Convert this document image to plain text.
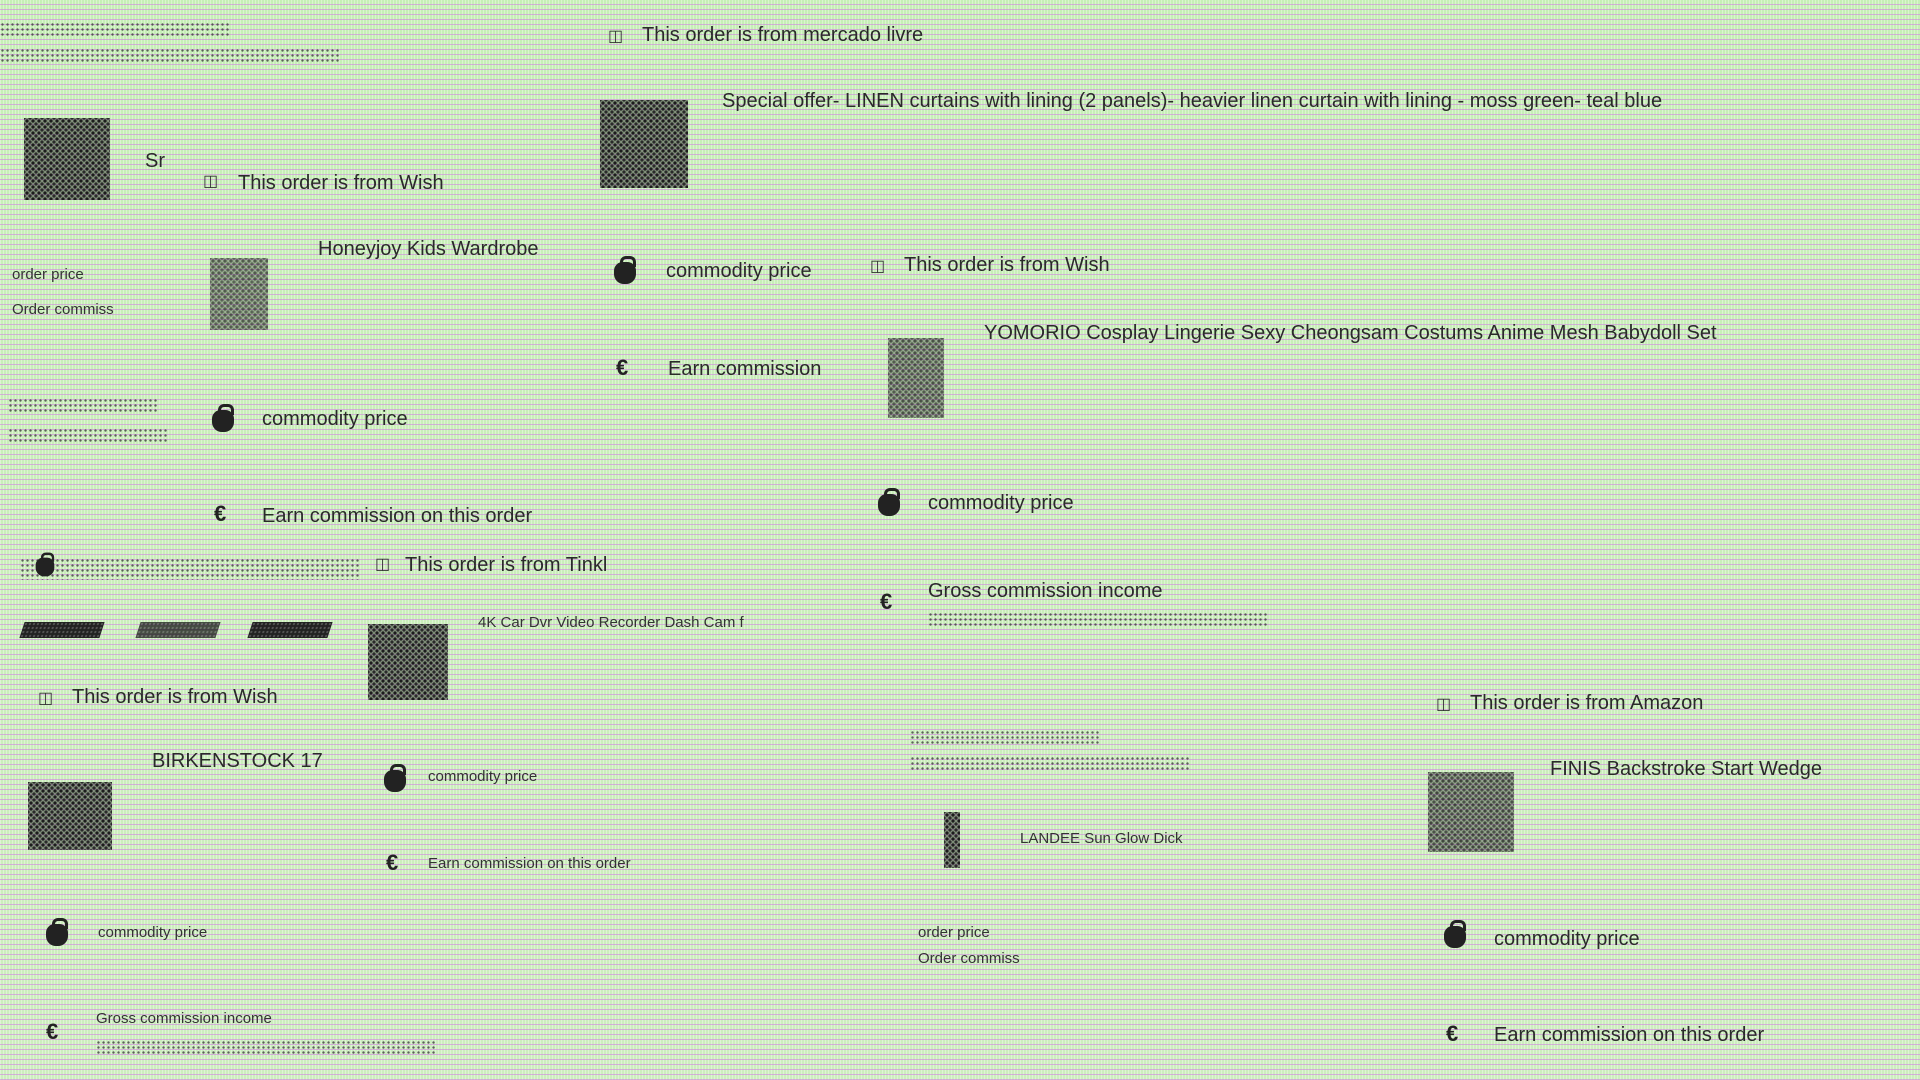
Sr
◫ This order is from Wish
order price
Order commiss
Honeyjoy Kids Wardrobe
commodity price
€ Earn commission on this order
◫ This order is from Tinkl
4K Car Dvr Video Recorder Dash Cam f
◫ This order is from Wish
BIRKENSTOCK 17
commodity price
€	Earn commission on this order
commodity price
€
Gross commission income
◫ This order is from mercado livre
Special offer- LINEN curtains with lining (2 panels)- heavier linen curtain with lining - moss green- teal blue
commodity price
€ Earn commission
◫ This order is from Wish
YOMORIO Cosplay Lingerie Sexy Cheongsam Costums Anime Mesh Babydoll Set
commodity price
€ Gross commission income
LANDEE Sun Glow Dick
order price
Order commiss
◫ This order is from Amazon
FINIS Backstroke Start Wedge
commodity price
€ Earn commission on this order
